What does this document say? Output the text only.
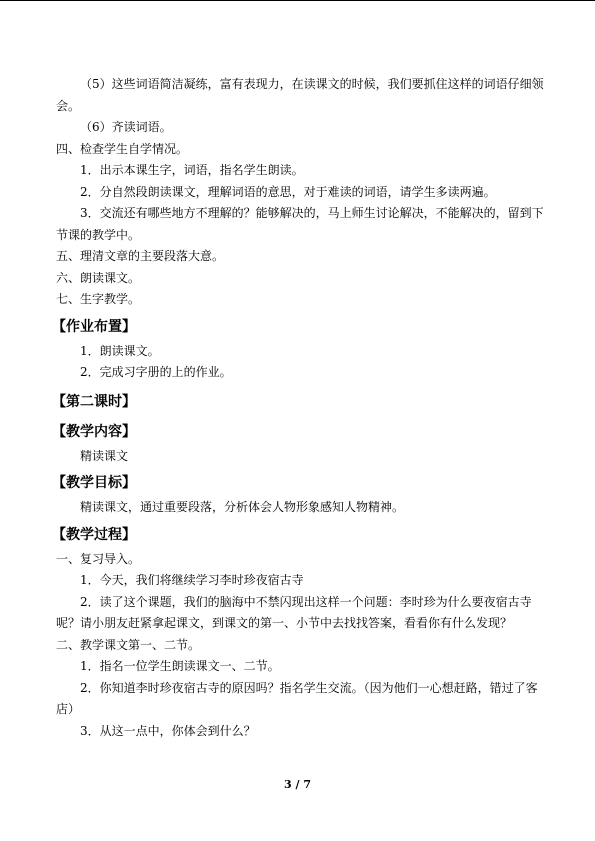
（5）这些词语简洁凝练，富有表现力，在读课文的时候，我们要抓住这样的词语仔细领

会。

（6）齐读词语。

四、检查学生自学情况。

1．出示本课生字，词语，指名学生朗读。

2．分自然段朗读课文，理解词语的意思，对于难读的词语，请学生多读两遍。

3．交流还有哪些地方不理解的？能够解决的，马上师生讨论解决，不能解决的，留到下

节课的教学中。

五、理清文章的主要段落大意。

六、朗读课文。

七、生字教学。

【作业布置】

1．朗读课文。

2．完成习字册的上的作业。

【第二课时】
【教学内容】

精读课文

【教学目标】

精读课文，通过重要段落，分析体会人物形象感知人物精神。

【教学过程】

一、复习导入。

1．今天，我们将继续学习李时珍夜宿古寺

2．读了这个课题，我们的脑海中不禁闪现出这样一个问题：李时珍为什么要夜宿古寺

呢？请小朋友赶紧拿起课文，到课文的第一、小节中去找找答案，看看你有什么发现？

二、教学课文第一、二节。

1．指名一位学生朗读课文一、二节。

2．你知道李时珍夜宿古寺的原因吗？指名学生交流。（因为他们一心想赶路，错过了客

店）

3．从这一点中，你体会到什么？

3 / 7
